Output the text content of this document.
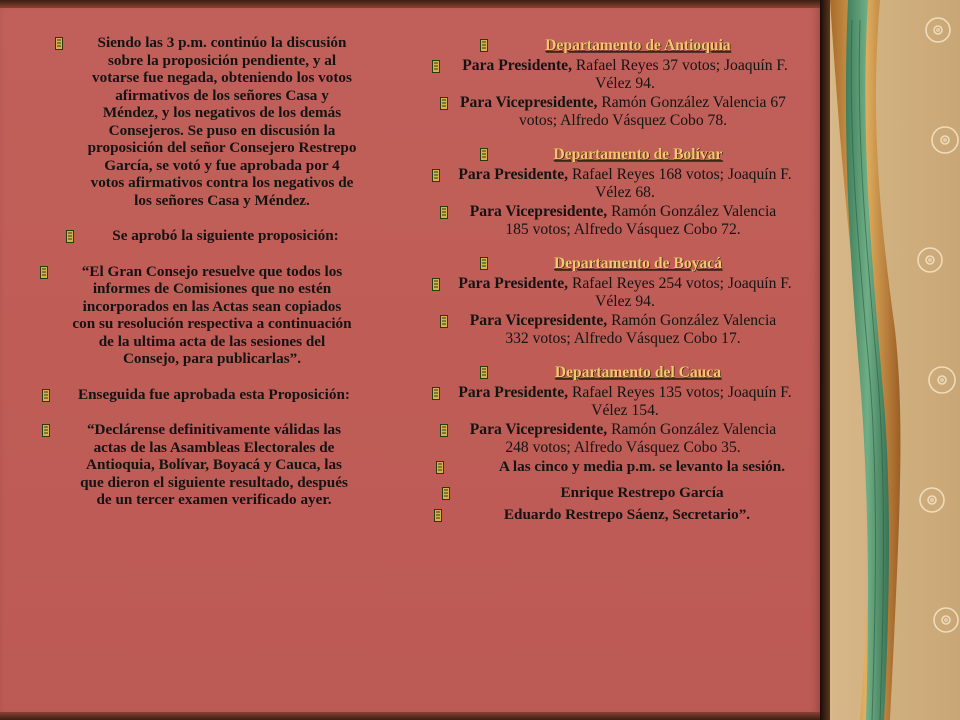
Siendo las 3 p.m. continúo la discusión sobre la proposición pendiente, y al votarse fue negada, obteniendo los votos afirmativos de los señores Casa y Méndez, y los negativos de los demás Consejeros. Se puso en discusión la proposición del señor Consejero Restrepo García, se votó y fue aprobada por 4 votos afirmativos contra los negativos de los señores Casa y Méndez.
Se aprobó la siguiente proposición:
“El Gran Consejo resuelve que todos los informes de Comisiones que no estén incorporados en las Actas sean copiados con su resolución respectiva a continuación de la ultima acta de las sesiones del Consejo, para publicarlas”.
Enseguida fue aprobada esta Proposición:
“Declárense definitivamente válidas las actas de las Asambleas Electorales de Antioquia, Bolívar, Boyacá y Cauca, las que dieron el siguiente resultado, después de un tercer examen verificado ayer.
Departamento de Antioquia
Para Presidente, Rafael Reyes 37 votos; Joaquín F. Vélez 94.
Para Vicepresidente, Ramón González Valencia 67 votos; Alfredo Vásquez Cobo 78.
Departamento de Bolívar
Para Presidente, Rafael Reyes 168 votos; Joaquín F. Vélez 68.
Para Vicepresidente, Ramón González Valencia 185 votos; Alfredo Vásquez Cobo 72.
Departamento de Boyacá
Para Presidente, Rafael Reyes 254 votos; Joaquín F. Vélez 94.
Para Vicepresidente, Ramón González Valencia 332 votos; Alfredo Vásquez Cobo 17.
Departamento del Cauca
Para Presidente, Rafael Reyes 135 votos; Joaquín F. Vélez 154.
Para Vicepresidente, Ramón González Valencia 248 votos; Alfredo Vásquez Cobo 35.
A las cinco y media p.m. se levanto la sesión.
Enrique Restrepo García
Eduardo Restrepo Sáenz, Secretario”.
